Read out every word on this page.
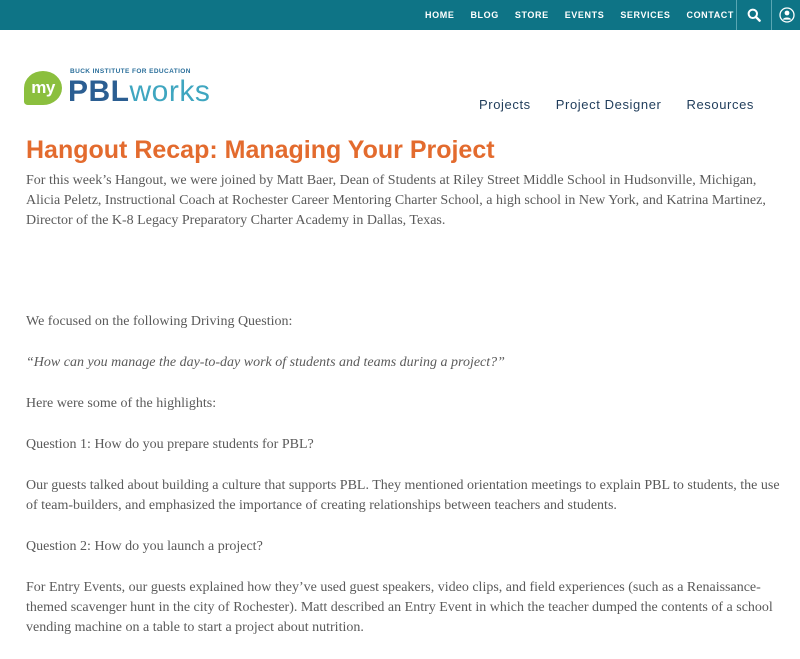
HOME BLOG STORE EVENTS SERVICES CONTACT
my
BUCK INSTITUTE FOR EDUCATION
PBLworks	Projects Project Designer Resources
Hangout Recap: Managing Your Project

For this week’s Hangout, we were joined by Matt Baer, Dean of Students at Riley Street Middle School in Hudsonville, Michigan, Alicia Peletz, Instructional Coach at Rochester Career Mentoring Charter School, a high school in New York, and Katrina Martinez, Director of the K-8 Legacy Preparatory Charter Academy in Dallas, Texas.

We focused on the following Driving Question:

“How can you manage the day-to-day work of students and teams during a project?”

Here were some of the highlights:

Question 1: How do you prepare students for PBL?

Our guests talked about building a culture that supports PBL. They mentioned orientation meetings to explain PBL to students, the use of team-builders, and emphasized the importance of creating relationships between teachers and students.

Question 2: How do you launch a project?

For Entry Events, our guests explained how they’ve used guest speakers, video clips, and field experiences (such as a Renaissance-themed scavenger hunt in the city of Rochester). Matt described an Entry Event in which the teacher dumped the contents of a school vending machine on a table to start a project about nutrition.
